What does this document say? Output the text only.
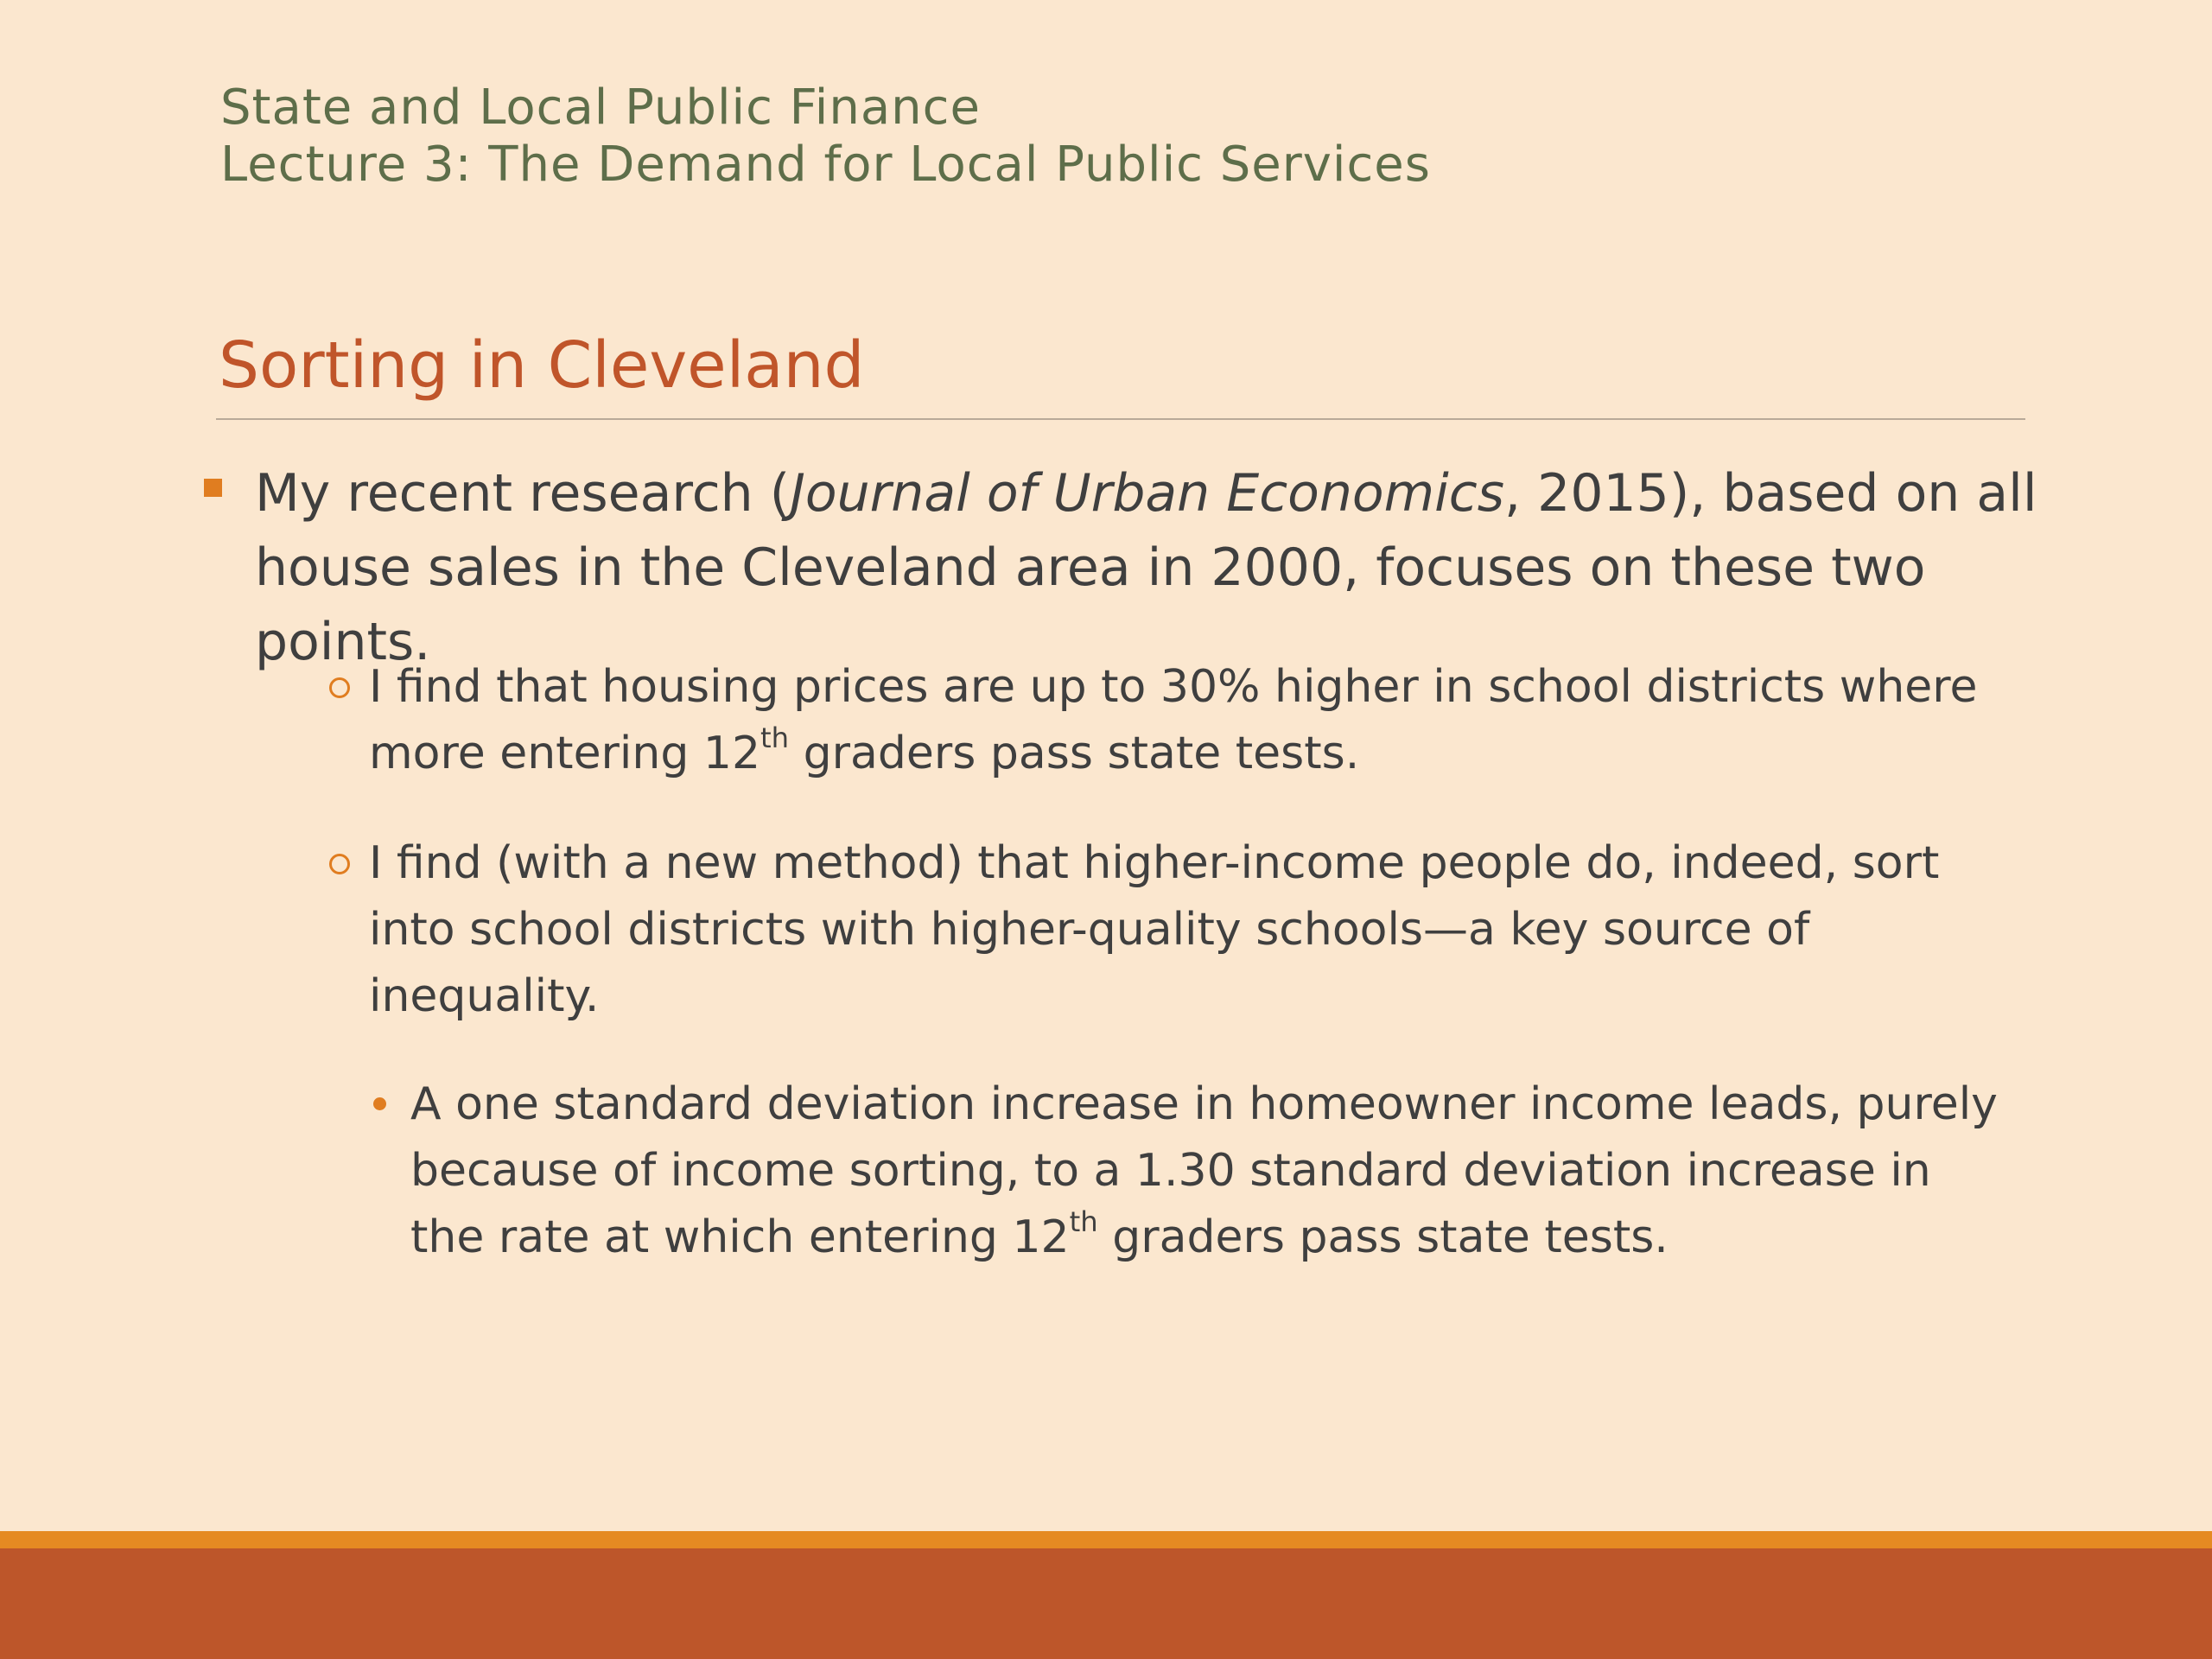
State and Local Public Finance
Lecture 3: The Demand for Local Public Services
Sorting in Cleveland
My recent research (Journal of Urban Economics, 2015), based on all house sales in the Cleveland area in 2000, focuses on these two points.
I find that housing prices are up to 30% higher in school districts where more entering 12th graders pass state tests.
I find (with a new method) that higher-income people do, indeed, sort into school districts with higher-quality schools—a key source of inequality.
A one standard deviation increase in homeowner income leads, purely because of income sorting, to a 1.30 standard deviation increase in the rate at which entering 12th graders pass state tests.
